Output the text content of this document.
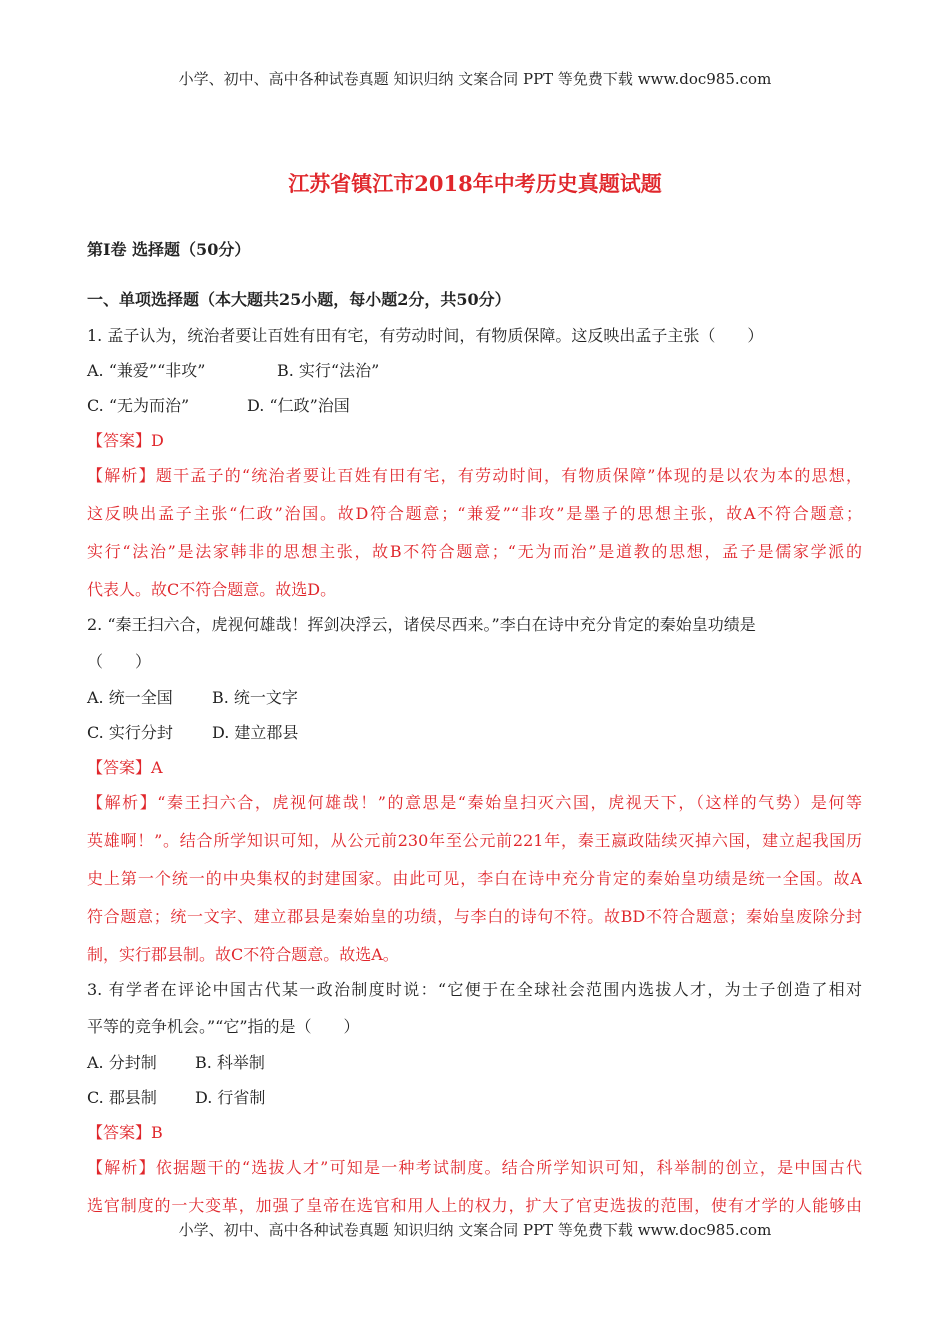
小学、初中、高中各种试卷真题 知识归纳 文案合同 PPT 等免费下载 www.doc985.com
江苏省镇江市2018年中考历史真题试题
第Ⅰ卷 选择题（50分）
一、单项选择题（本大题共25小题，每小题2分，共50分）
1. 孟子认为，统治者要让百姓有田有宅，有劳动时间，有物质保障。这反映出孟子主张（　　）
A. “兼爱”“非攻”	B. 实行“法治”
C. “无为而治”	D. “仁政”治国
【答案】D
【解析】题干孟子的“统治者要让百姓有田有宅，有劳动时间，有物质保障”体现的是以农为本的思想，
这反映出孟子主张“仁政”治国。故D符合题意；“兼爱”“非攻”是墨子的思想主张，故A不符合题意；
实行“法治”是法家韩非的思想主张，故B不符合题意；“无为而治”是道教的思想，孟子是儒家学派的
代表人。故C不符合题意。故选D。
2. “秦王扫六合，虎视何雄哉！挥剑决浮云，诸侯尽西来。”李白在诗中充分肯定的秦始皇功绩是
（　　）
A. 统一全国 B. 统一文字
C. 实行分封 D. 建立郡县
【答案】A
【解析】“秦王扫六合，虎视何雄哉！”的意思是“秦始皇扫灭六国，虎视天下，（这样的气势）是何等
英雄啊！”。结合所学知识可知，从公元前230年至公元前221年，秦王嬴政陆续灭掉六国，建立起我国历
史上第一个统一的中央集权的封建国家。由此可见，李白在诗中充分肯定的秦始皇功绩是统一全国。故A
符合题意；统一文字、建立郡县是秦始皇的功绩，与李白的诗句不符。故BD不符合题意；秦始皇废除分封
制，实行郡县制。故C不符合题意。故选A。
3. 有学者在评论中国古代某一政治制度时说：“它便于在全球社会范围内选拔人才，为士子创造了相对
平等的竞争机会。”“它”指的是（　　）
A. 分封制 B. 科举制
C. 郡县制 D. 行省制
【答案】B
【解析】依据题干的“选拔人才”可知是一种考试制度。结合所学知识可知，科举制的创立，是中国古代
选官制度的一大变革，加强了皇帝在选官和用人上的权力，扩大了官吏选拔的范围，使有才学的人能够由
小学、初中、高中各种试卷真题 知识归纳 文案合同 PPT 等免费下载 www.doc985.com
